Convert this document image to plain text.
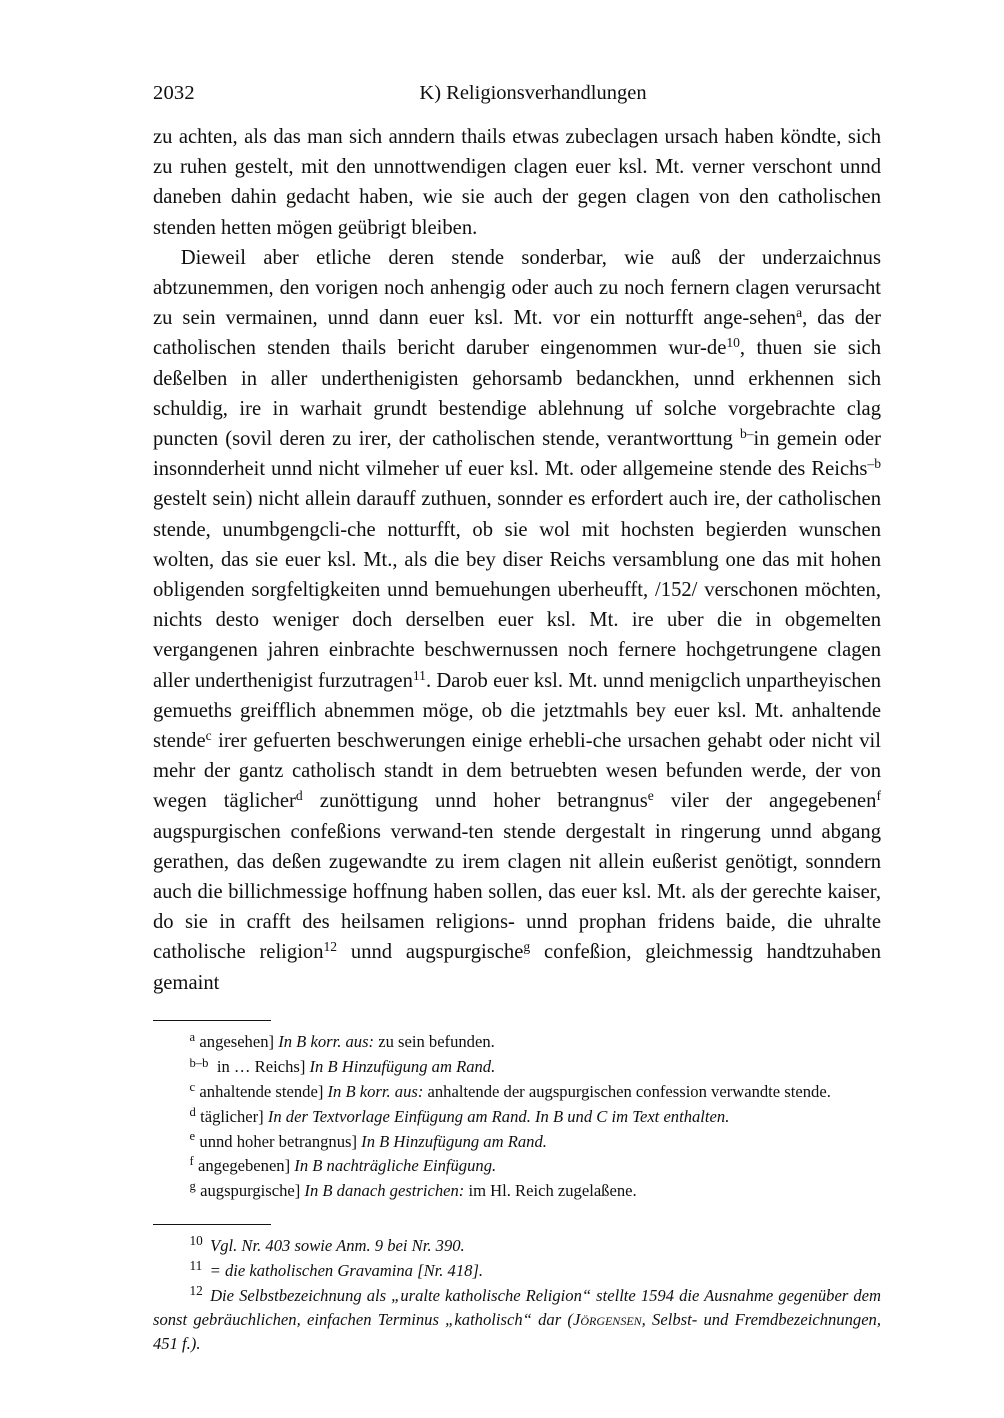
2032	K) Religionsverhandlungen

zu achten, als das man sich anndern thails etwas zubeclagen ursach haben köndte, sich zu ruhen gestelt, mit den unnottwendigen clagen euer ksl. Mt. verner verschont unnd daneben dahin gedacht haben, wie sie auch der gegen clagen von den catholischen stenden hetten mögen geübrigt bleiben.

Dieweil aber etliche deren stende sonderbar, wie auß der underzaichnus abtzunemmen, den vorigen noch anhengig oder auch zu noch fernern clagen verursacht zu sein vermainen, unnd dann euer ksl. Mt. vor ein notturfft ange-sehen$^a$, das der catholischen stenden thails bericht daruber eingenommen wur-de$^{10}$, thuen sie sich deßelben in aller underthenigisten gehorsamb bedanckhen, unnd erkhennen sich schuldig, ire in warhait grundt bestendige ablehnung uf solche vorgebrachte clag puncten (sovil deren zu irer, der catholischen stende, verantworttung $^{b-}$in gemein oder insonnderheit unnd nicht vilmeher uf euer ksl. Mt. oder allgemeine stende des Reichs$^{-b}$ gestelt sein) nicht allein darauff zuthuen, sonnder es erfordert auch ire, der catholischen stende, unumbgengcli-che notturfft, ob sie wol mit hochsten begierden wunschen wolten, das sie euer ksl. Mt., als die bey diser Reichs versamblung one das mit hohen obligenden sorgfeltigkeiten unnd bemuehungen uberheufft, /152/ verschonen möchten, nichts desto weniger doch derselben euer ksl. Mt. ire uber die in obgemelten vergangenen jahren einbrachte beschwernussen noch fernere hochgetrungene clagen aller underthenigist furzutragen$^{11}$. Darob euer ksl. Mt. unnd menigclich unpartheyischen gemueths greifflich abnemmen möge, ob die jetztmahls bey euer ksl. Mt. anhaltende stende$^c$ irer gefuerten beschwerungen einige erhebli-che ursachen gehabt oder nicht vil mehr der gantz catholisch standt in dem betruebten wesen befunden werde, der von wegen täglicher$^d$ zunöttigung unnd hoher betrangnus$^e$ viler der angegebenen$^f$ augspurgischen confeßions verwand-ten stende dergestalt in ringerung unnd abgang gerathen, das deßen zugewandte zu irem clagen nit allein eußerist genötigt, sonndern auch die billichmessige hoffnung haben sollen, das euer ksl. Mt. als der gerechte kaiser, do sie in crafft des heilsamen religions- unnd prophan fridens baide, die uhralte catholische religion$^{12}$ unnd augspurgische$^g$ confeßion, gleichmessig handtzuhaben gemaint

$^a$ angesehen] In B korr. aus: zu sein befunden.

$^{b-b}$ in … Reichs] In B Hinzufügung am Rand.

$^c$ anhaltende stende] In B korr. aus: anhaltende der augspurgischen confession verwandte stende.

$^d$ täglicher] In der Textvorlage Einfügung am Rand. In B und C im Text enthalten.

$^e$ unnd hoher betrangnus] In B Hinzufügung am Rand.

$^f$ angegebenen] In B nachträgliche Einfügung.

$^g$ augspurgische] In B danach gestrichen: im Hl. Reich zugelaßene.

$^{10}$ Vgl. Nr. 403 sowie Anm. 9 bei Nr. 390.

$^{11}$ = die katholischen Gravamina [Nr. 418].

$^{12}$ Die Selbstbezeichnung als „uralte katholische Religion“ stellte 1594 die Ausnahme gegenüber dem sonst gebräuchlichen, einfachen Terminus „katholisch“ dar (Jörgensen, Selbst- und Fremdbezeichnungen, 451 f.).
